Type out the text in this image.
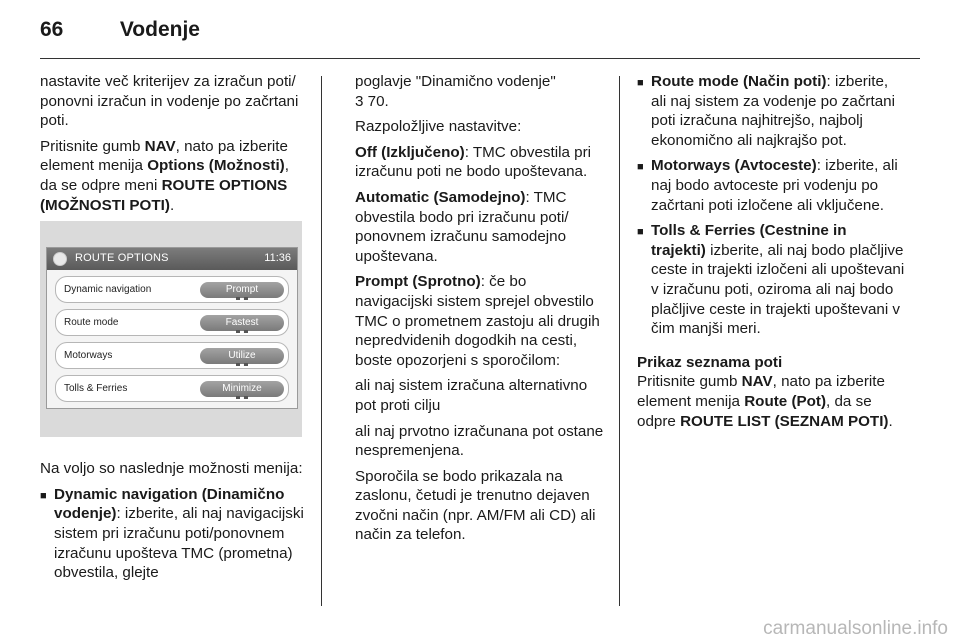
66	Vodenje

nastavite več kriterijev za izračun poti/ ponovni izračun in vodenje po začrtani poti.

Pritisnite gumb NAV, nato pa izberite element menija Options (Možnosti), da se odpre meni ROUTE OPTIONS (MOŽNOSTI POTI).

ROUTE OPTIONS	11:36
Dynamic navigation	Prompt
Route mode	Fastest
Motorways	Utilize
Tolls & Ferries	Minimize

Na voljo so naslednje možnosti menija:

■ Dynamic navigation (Dinamično vodenje): izberite, ali naj navigacijski sistem pri izračunu poti/ponovnem izračunu upošteva TMC (prometna) obvestila, glejte

poglavje "Dinamično vodenje"
3 70.

Razpoložljive nastavitve:

Off (Izključeno): TMC obvestila pri izračunu poti ne bodo upoštevana.

Automatic (Samodejno): TMC obvestila bodo pri izračunu poti/ ponovnem izračunu samodejno upoštevana.

Prompt (Sprotno): če bo navigacijski sistem sprejel obvestilo TMC o prometnem zastoju ali drugih nepredvidenih dogodkih na cesti, boste opozorjeni s sporočilom:

ali naj sistem izračuna alternativno pot proti cilju

ali naj prvotno izračunana pot ostane nespremenjena.

Sporočila se bodo prikazala na zaslonu, četudi je trenutno dejaven zvočni način (npr. AM/FM ali CD) ali način za telefon.

■ Route mode (Način poti): izberite, ali naj sistem za vodenje po začrtani poti izračuna najhitrejšo, najbolj ekonomično ali najkrajšo pot.
■ Motorways (Avtoceste): izberite, ali naj bodo avtoceste pri vodenju po začrtani poti izločene ali vključene.
■ Tolls & Ferries (Cestnine in trajekti) izberite, ali naj bodo plačljive ceste in trajekti izločeni ali upoštevani v izračunu poti, oziroma ali naj bodo plačljive ceste in trajekti upoštevani v čim manjši meri.

Prikaz seznama poti

Pritisnite gumb NAV, nato pa izberite element menija Route (Pot), da se odpre ROUTE LIST (SEZNAM POTI).

carmanualsonline.info
